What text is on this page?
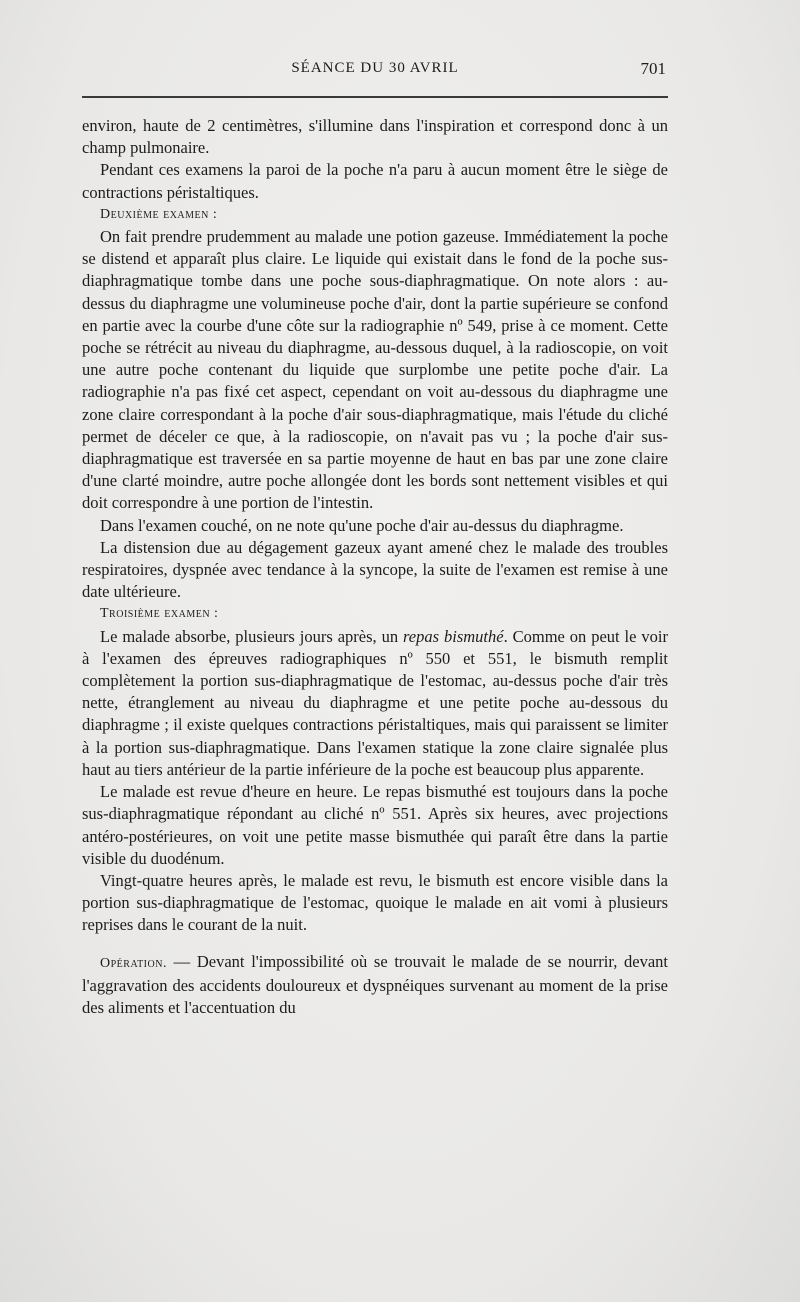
SÉANCE DU 30 AVRIL	701

environ, haute de 2 centimètres, s'illumine dans l'inspiration et correspond donc à un champ pulmonaire.

Pendant ces examens la paroi de la poche n'a paru à aucun moment être le siège de contractions péristaltiques.

Deuxième examen :

On fait prendre prudemment au malade une potion gazeuse. Immédiatement la poche se distend et apparaît plus claire. Le liquide qui existait dans le fond de la poche sus-diaphragmatique tombe dans une poche sous-diaphragmatique. On note alors : au-dessus du diaphragme une volumineuse poche d'air, dont la partie supérieure se confond en partie avec la courbe d'une côte sur la radiographie nº 549, prise à ce moment. Cette poche se rétrécit au niveau du diaphragme, au-dessous duquel, à la radioscopie, on voit une autre poche contenant du liquide que surplombe une petite poche d'air. La radiographie n'a pas fixé cet aspect, cependant on voit au-dessous du diaphragme une zone claire correspondant à la poche d'air sous-diaphragmatique, mais l'étude du cliché permet de déceler ce que, à la radioscopie, on n'avait pas vu ; la poche d'air sus-diaphragmatique est traversée en sa partie moyenne de haut en bas par une zone claire d'une clarté moindre, autre poche allongée dont les bords sont nettement visibles et qui doit correspondre à une portion de l'intestin.

Dans l'examen couché, on ne note qu'une poche d'air au-dessus du diaphragme.

La distension due au dégagement gazeux ayant amené chez le malade des troubles respiratoires, dyspnée avec tendance à la syncope, la suite de l'examen est remise à une date ultérieure.

Troisième examen :

Le malade absorbe, plusieurs jours après, un repas bismuthé. Comme on peut le voir à l'examen des épreuves radiographiques nº 550 et 551, le bismuth remplit complètement la portion sus-diaphragmatique de l'estomac, au-dessus poche d'air très nette, étranglement au niveau du diaphragme et une petite poche au-dessous du diaphragme ; il existe quelques contractions péristaltiques, mais qui paraissent se limiter à la portion sus-diaphragmatique. Dans l'examen statique la zone claire signalée plus haut au tiers antérieur de la partie inférieure de la poche est beaucoup plus apparente.

Le malade est revue d'heure en heure. Le repas bismuthé est toujours dans la poche sus-diaphragmatique répondant au cliché nº 551. Après six heures, avec projections antéro-postérieures, on voit une petite masse bismuthée qui paraît être dans la partie visible du duodénum.

Vingt-quatre heures après, le malade est revu, le bismuth est encore visible dans la portion sus-diaphragmatique de l'estomac, quoique le malade en ait vomi à plusieurs reprises dans le courant de la nuit.

Opération. — Devant l'impossibilité où se trouvait le malade de se nourrir, devant l'aggravation des accidents douloureux et dyspnéiques survenant au moment de la prise des aliments et l'accentuation du
